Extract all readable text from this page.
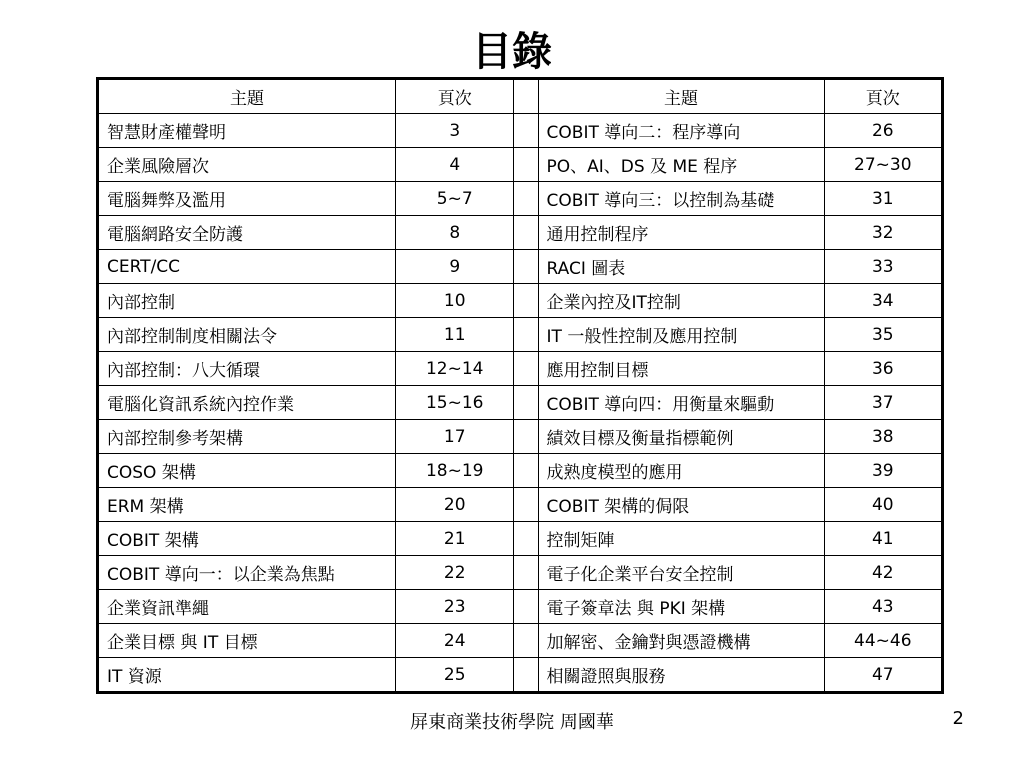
目錄
主題	頁次		主題	頁次
智慧財產權聲明	3		COBIT 導向二：程序導向	26
企業風險層次	4		PO、AI、DS 及 ME 程序	27~30
電腦舞弊及濫用	5~7		COBIT 導向三：以控制為基礎	31
電腦網路安全防護	8		通用控制程序	32
CERT/CC	9		RACI 圖表	33
內部控制	10		企業內控及IT控制	34
內部控制制度相關法令	11		IT 一般性控制及應用控制	35
內部控制：八大循環	12~14		應用控制目標	36
電腦化資訊系統內控作業	15~16		COBIT 導向四：用衡量來驅動	37
內部控制參考架構	17		績效目標及衡量指標範例	38
COSO 架構	18~19		成熟度模型的應用	39
ERM 架構	20		COBIT 架構的侷限	40
COBIT 架構	21		控制矩陣	41
COBIT 導向一：以企業為焦點	22		電子化企業平台安全控制	42
企業資訊準繩	23		電子簽章法 與 PKI 架構	43
企業目標 與 IT 目標	24		加解密、金鑰對與憑證機構	44~46
IT 資源	25		相關證照與服務	47
屏東商業技術學院 周國華	2
